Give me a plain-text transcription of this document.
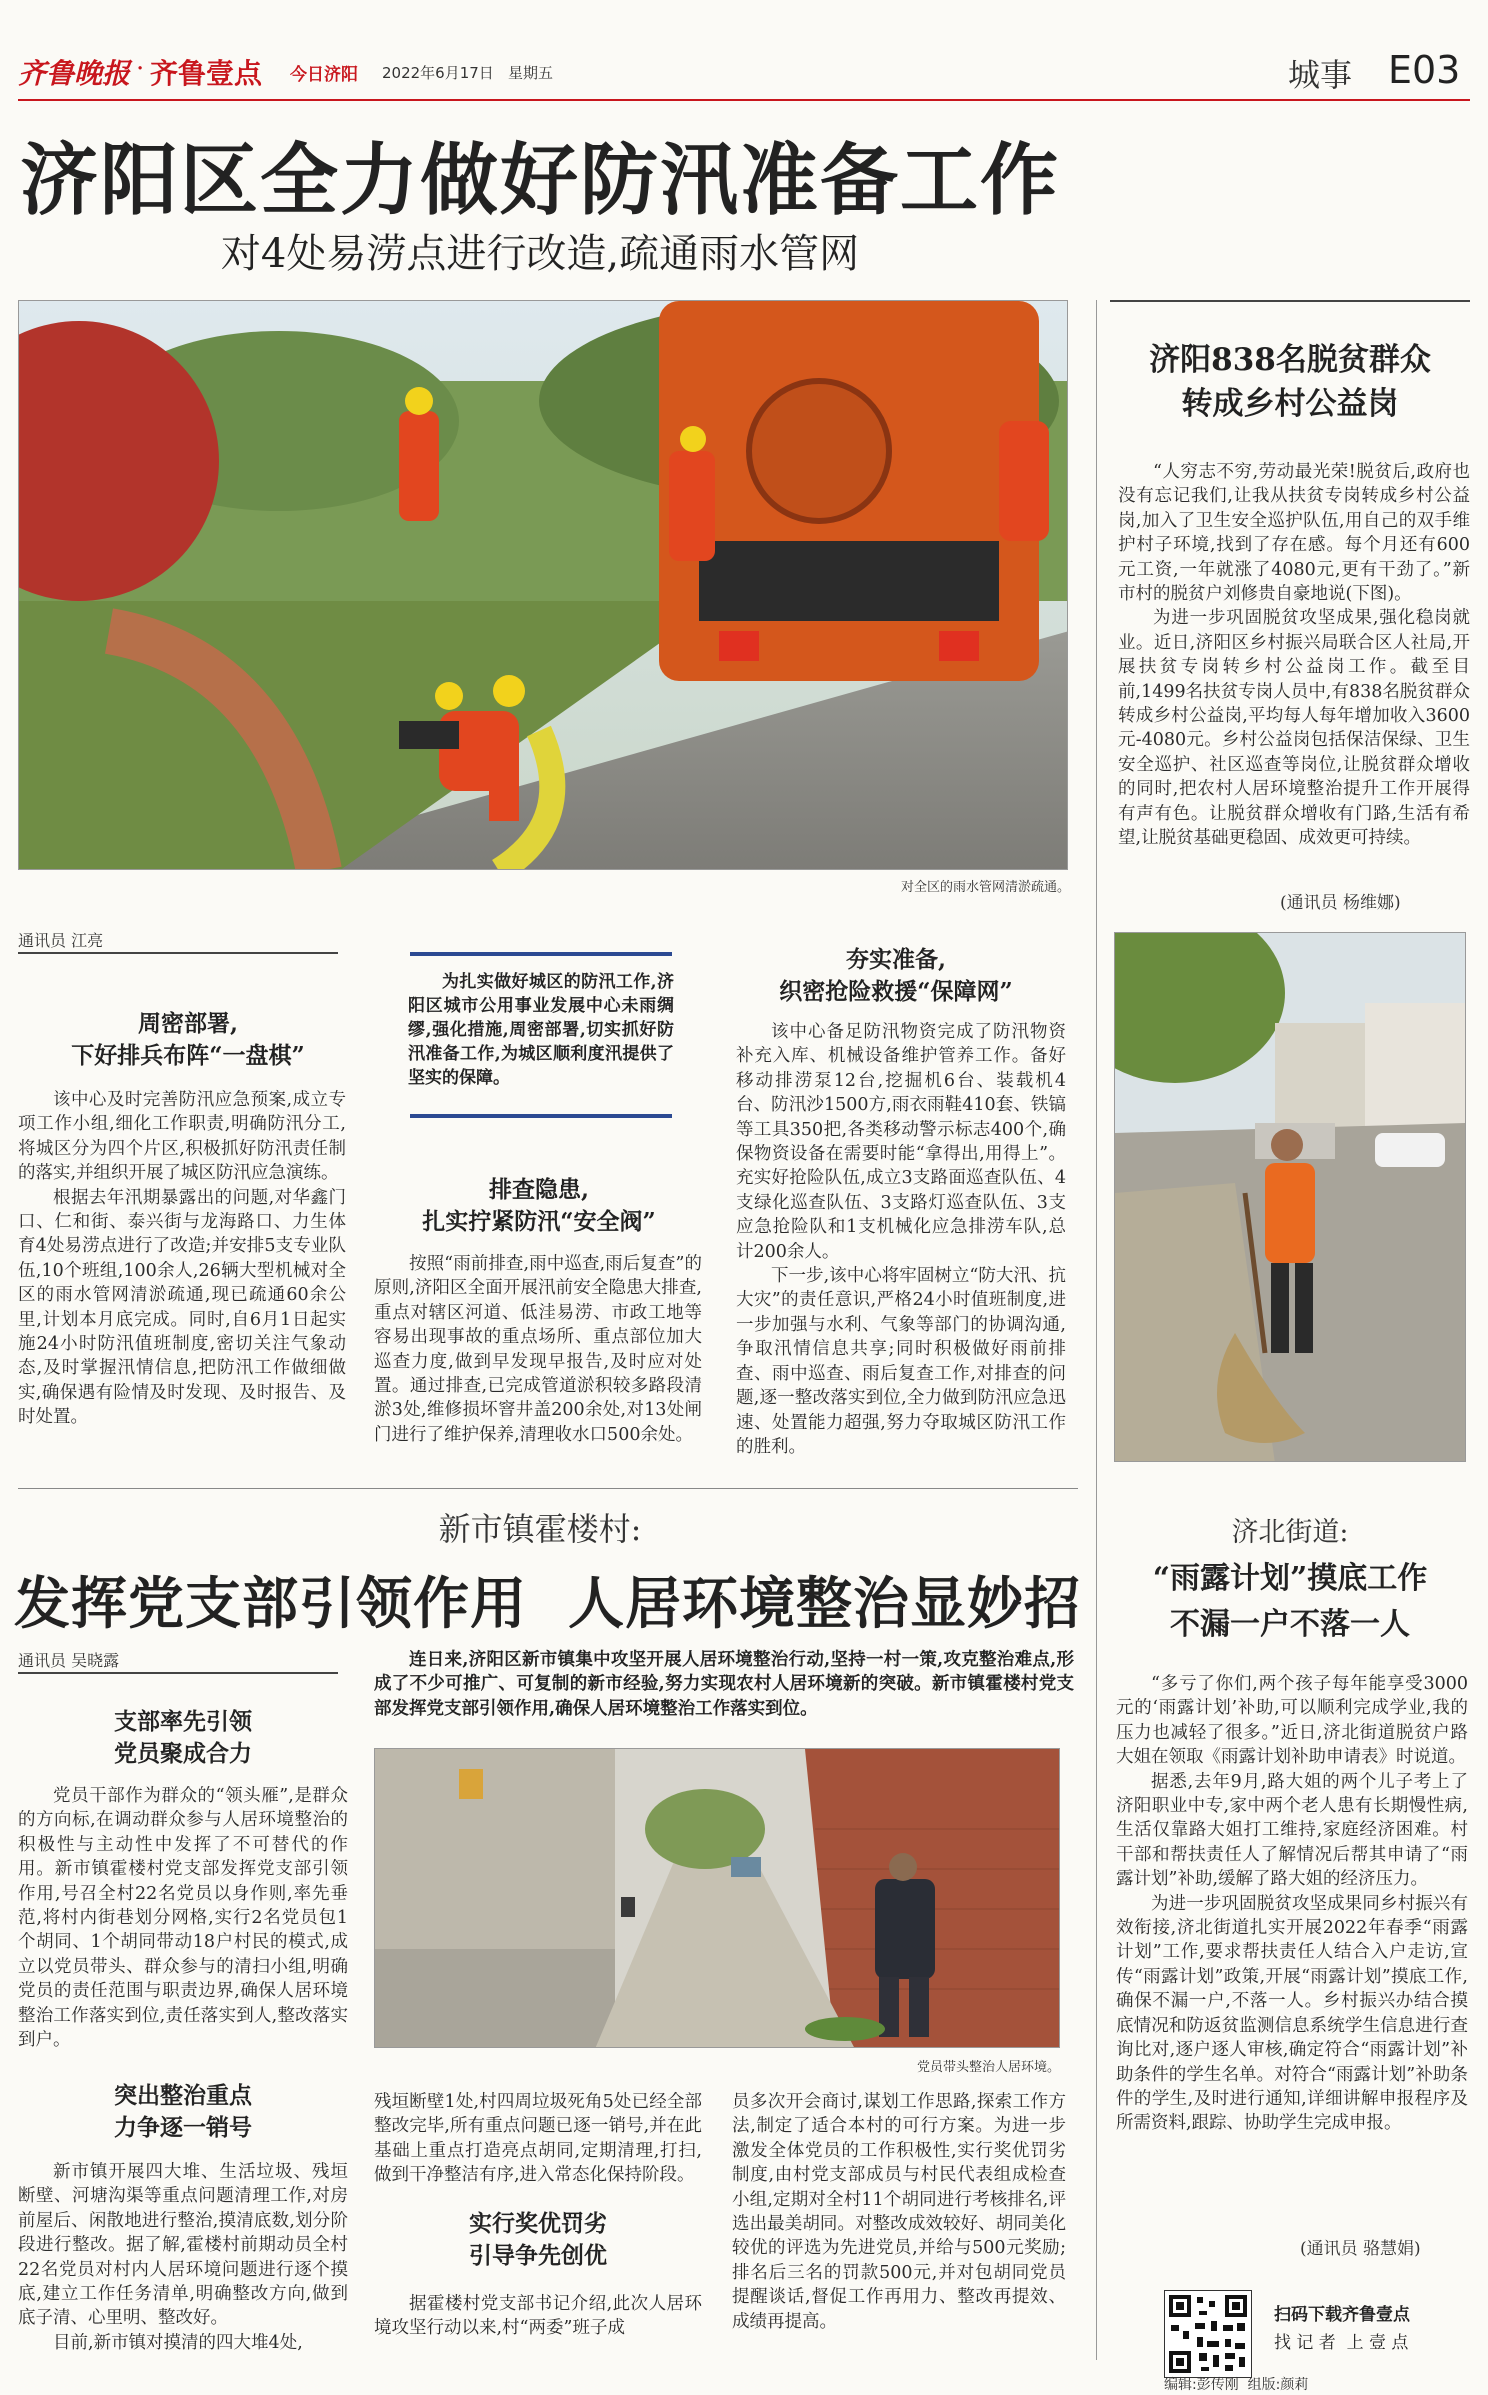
齐鲁晚报 · 齐鲁壹点 今日济阳 2022年6月17日 星期五	城事 E03
济阳区全力做好防汛准备工作
对4处易涝点进行改造,疏通雨水管网
对全区的雨水管网清淤疏通。
通讯员 江亮
周密部署,
下好排兵布阵“一盘棋”

该中心及时完善防汛应急预案,成立专项工作小组,细化工作职责,明确防汛分工,将城区分为四个片区,积极抓好防汛责任制的落实,并组织开展了城区防汛应急演练。

根据去年汛期暴露出的问题,对华鑫门口、仁和街、泰兴街与龙海路口、力生体育4处易涝点进行了改造;并安排5支专业队伍,10个班组,100余人,26辆大型机械对全区的雨水管网清淤疏通,现已疏通60余公里,计划本月底完成。同时,自6月1日起实施24小时防汛值班制度,密切关注气象动态,及时掌握汛情信息,把防汛工作做细做实,确保遇有险情及时发现、及时报告、及时处置。

为扎实做好城区的防汛工作,济阳区城市公用事业发展中心未雨绸缪,强化措施,周密部署,切实抓好防汛准备工作,为城区顺利度汛提供了坚实的保障。
排查隐患,
扎实拧紧防汛“安全阀”

按照“雨前排查,雨中巡查,雨后复查”的原则,济阳区全面开展汛前安全隐患大排查,重点对辖区河道、低洼易涝、市政工地等容易出现事故的重点场所、重点部位加大巡查力度,做到早发现早报告,及时应对处置。通过排查,已完成管道淤积较多路段清淤3处,维修损坏窨井盖200余处,对13处闸门进行了维护保养,清理收水口500余处。

夯实准备,
织密抢险救援“保障网”

该中心备足防汛物资完成了防汛物资补充入库、机械设备维护管养工作。备好移动排涝泵12台,挖掘机6台、装载机4台、防汛沙1500方,雨衣雨鞋410套、铁镐等工具350把,各类移动警示标志400个,确保物资设备在需要时能“拿得出,用得上”。充实好抢险队伍,成立3支路面巡查队伍、4支绿化巡查队伍、3支路灯巡查队伍、3支应急抢险队和1支机械化应急排涝车队,总计200余人。

下一步,该中心将牢固树立“防大汛、抗大灾”的责任意识,严格24小时值班制度,进一步加强与水利、气象等部门的协调沟通,争取汛情信息共享;同时积极做好雨前排查、雨中巡查、雨后复查工作,对排查的问题,逐一整改落实到位,全力做到防汛应急迅速、处置能力超强,努力夺取城区防汛工作的胜利。

济阳838名脱贫群众
转成乡村公益岗

“人穷志不穷,劳动最光荣!脱贫后,政府也没有忘记我们,让我从扶贫专岗转成乡村公益岗,加入了卫生安全巡护队伍,用自己的双手维护村子环境,找到了存在感。每个月还有600元工资,一年就涨了4080元,更有干劲了。”新市村的脱贫户刘修贵自豪地说(下图)。

为进一步巩固脱贫攻坚成果,强化稳岗就业。近日,济阳区乡村振兴局联合区人社局,开展扶贫专岗转乡村公益岗工作。截至目前,1499名扶贫专岗人员中,有838名脱贫群众转成乡村公益岗,平均每人每年增加收入3600元-4080元。乡村公益岗包括保洁保绿、卫生安全巡护、社区巡查等岗位,让脱贫群众增收的同时,把农村人居环境整治提升工作开展得有声有色。让脱贫群众增收有门路,生活有希望,让脱贫基础更稳固、成效更可持续。

(通讯员 杨维娜)
新市镇霍楼村:
发挥党支部引领作用  人居环境整治显妙招
通讯员 吴晓露	连日来,济阳区新市镇集中攻坚开展人居环境整治行动,坚持一村一策,攻克整治难点,形成了不少可推广、可复制的新市经验,努力实现农村人居环境新的突破。新市镇霍楼村党支部发挥党支部引领作用,确保人居环境整治工作落实到位。
党员带头整治人居环境。
支部率先引领
党员聚成合力

党员干部作为群众的“领头雁”,是群众的方向标,在调动群众参与人居环境整治的积极性与主动性中发挥了不可替代的作用。新市镇霍楼村党支部发挥党支部引领作用,号召全村22名党员以身作则,率先垂范,将村内街巷划分网格,实行2名党员包1个胡同、1个胡同带动18户村民的模式,成立以党员带头、群众参与的清扫小组,明确党员的责任范围与职责边界,确保人居环境整治工作落实到位,责任落实到人,整改落实到户。

突出整治重点
力争逐一销号

新市镇开展四大堆、生活垃圾、残垣断壁、河塘沟渠等重点问题清理工作,对房前屋后、闲散地进行整治,摸清底数,划分阶段进行整改。据了解,霍楼村前期动员全村22名党员对村内人居环境问题进行逐个摸底,建立工作任务清单,明确整改方向,做到底子清、心里明、整改好。

目前,新市镇对摸清的四大堆4处,

残垣断壁1处,村四周垃圾死角5处已经全部整改完毕,所有重点问题已逐一销号,并在此基础上重点打造亮点胡同,定期清理,打扫,做到干净整洁有序,进入常态化保持阶段。

实行奖优罚劣
引导争先创优

据霍楼村党支部书记介绍,此次人居环境攻坚行动以来,村“两委”班子成

员多次开会商讨,谋划工作思路,探索工作方法,制定了适合本村的可行方案。为进一步激发全体党员的工作积极性,实行奖优罚劣制度,由村党支部成员与村民代表组成检查小组,定期对全村11个胡同进行考核排名,评选出最美胡同。对整改成效较好、胡同美化较优的评选为先进党员,并给与500元奖励;排名后三名的罚款500元,并对包胡同党员提醒谈话,督促工作再用力、整改再提效、成绩再提高。

济北街道:
“雨露计划”摸底工作
不漏一户不落一人

“多亏了你们,两个孩子每年能享受3000元的‘雨露计划’补助,可以顺利完成学业,我的压力也减轻了很多。”近日,济北街道脱贫户路大姐在领取《雨露计划补助申请表》时说道。

据悉,去年9月,路大姐的两个儿子考上了济阳职业中专,家中两个老人患有长期慢性病,生活仅靠路大姐打工维持,家庭经济困难。村干部和帮扶责任人了解情况后帮其申请了“雨露计划”补助,缓解了路大姐的经济压力。

为进一步巩固脱贫攻坚成果同乡村振兴有效衔接,济北街道扎实开展2022年春季“雨露计划”工作,要求帮扶责任人结合入户走访,宣传“雨露计划”政策,开展“雨露计划”摸底工作,确保不漏一户,不落一人。乡村振兴办结合摸底情况和防返贫监测信息系统学生信息进行查询比对,逐户逐人审核,确定符合“雨露计划”补助条件的学生名单。对符合“雨露计划”补助条件的学生,及时进行通知,详细讲解申报程序及所需资料,跟踪、协助学生完成申报。

(通讯员 骆慧娟)
扫码下载齐鲁壹点
找 记 者  上 壹 点
编辑:彭传刚  组版:颜莉
